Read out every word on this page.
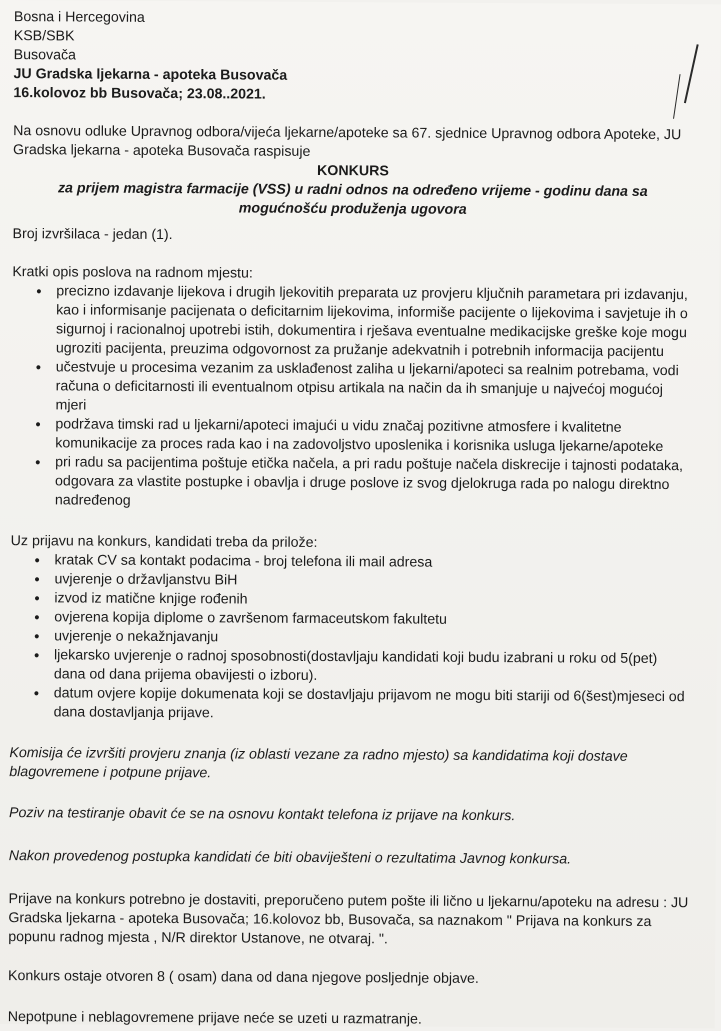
Bosna i Hercegovina
KSB/SBK
Busovača
JU Gradska ljekarna - apoteka Busovača
16.kolovoz bb Busovača; 23.08..2021.
Na osnovu odluke Upravnog odbora/vijeća ljekarne/apoteke sa 67. sjednice Upravnog odbora Apoteke, JU Gradska ljekarna - apoteka Busovača raspisuje
KONKURS
za prijem magistra farmacije (VSS) u radni odnos na određeno vrijeme - godinu dana sa mogućnošću produženja ugovora
Broj izvršilaca - jedan (1).
Kratki opis poslova na radnom mjestu:
• precizno izdavanje lijekova i drugih ljekovitih preparata uz provjeru ključnih parametara pri izdavanju, kao i informisanje pacijenata o deficitarnim lijekovima, informiše pacijente o lijekovima i savjetuje ih o sigurnoj i racionalnoj upotrebi istih, dokumentira i rješava eventualne medikacijske greške koje mogu ugroziti pacijenta, preuzima odgovornost za pružanje adekvatnih i potrebnih informacija pacijentu
• učestvuje u procesima vezanim za usklađenost zaliha u ljekarni/apoteci sa realnim potrebama, vodi računa o deficitarnosti ili eventualnom otpisu artikala na način da ih smanjuje u najvećoj mogućoj mjeri
• podržava timski rad u ljekarni/apoteci imajući u vidu značaj pozitivne atmosfere i kvalitetne komunikacije za proces rada kao i na zadovoljstvo uposlenika i korisnika usluga ljekarne/apoteke
• pri radu sa pacijentima poštuje etička načela, a pri radu poštuje načela diskrecije i tajnosti podataka, odgovara za vlastite postupke i obavlja i druge poslove iz svog djelokruga rada po nalogu direktno nadređenog
Uz prijavu na konkurs, kandidati treba da prilože:
• kratak CV sa kontakt podacima - broj telefona ili mail adresa
• uvjerenje o državljanstvu BiH
• izvod iz matične knjige rođenih
• ovjerena kopija diplome o završenom farmaceutskom fakultetu
• uvjerenje o nekažnjavanju
• ljekarsko uvjerenje o radnoj sposobnosti(dostavljaju kandidati koji budu izabrani u roku od 5(pet) dana od dana prijema obavijesti o izboru).
• datum ovjere kopije dokumenata koji se dostavljaju prijavom ne mogu biti stariji od 6(šest)mjeseci od dana dostavljanja prijave.
Komisija će izvršiti provjeru znanja (iz oblasti vezane za radno mjesto) sa kandidatima koji dostave blagovremene i potpune prijave.
Poziv na testiranje obavit će se na osnovu kontakt telefona iz prijave na konkurs.
Nakon provedenog postupka kandidati će biti obaviješteni o rezultatima Javnog konkursa.
Prijave na konkurs potrebno je dostaviti, preporučeno putem pošte ili lično u ljekarnu/apoteku na adresu : JU Gradska ljekarna - apoteka Busovača; 16.kolovoz bb, Busovača, sa naznakom " Prijava na konkurs za popunu radnog mjesta , N/R direktor Ustanove, ne otvaraj. ".
Konkurs ostaje otvoren 8 ( osam) dana od dana njegove posljednje objave.
Nepotpune i neblagovremene prijave neće se uzeti u razmatranje.
